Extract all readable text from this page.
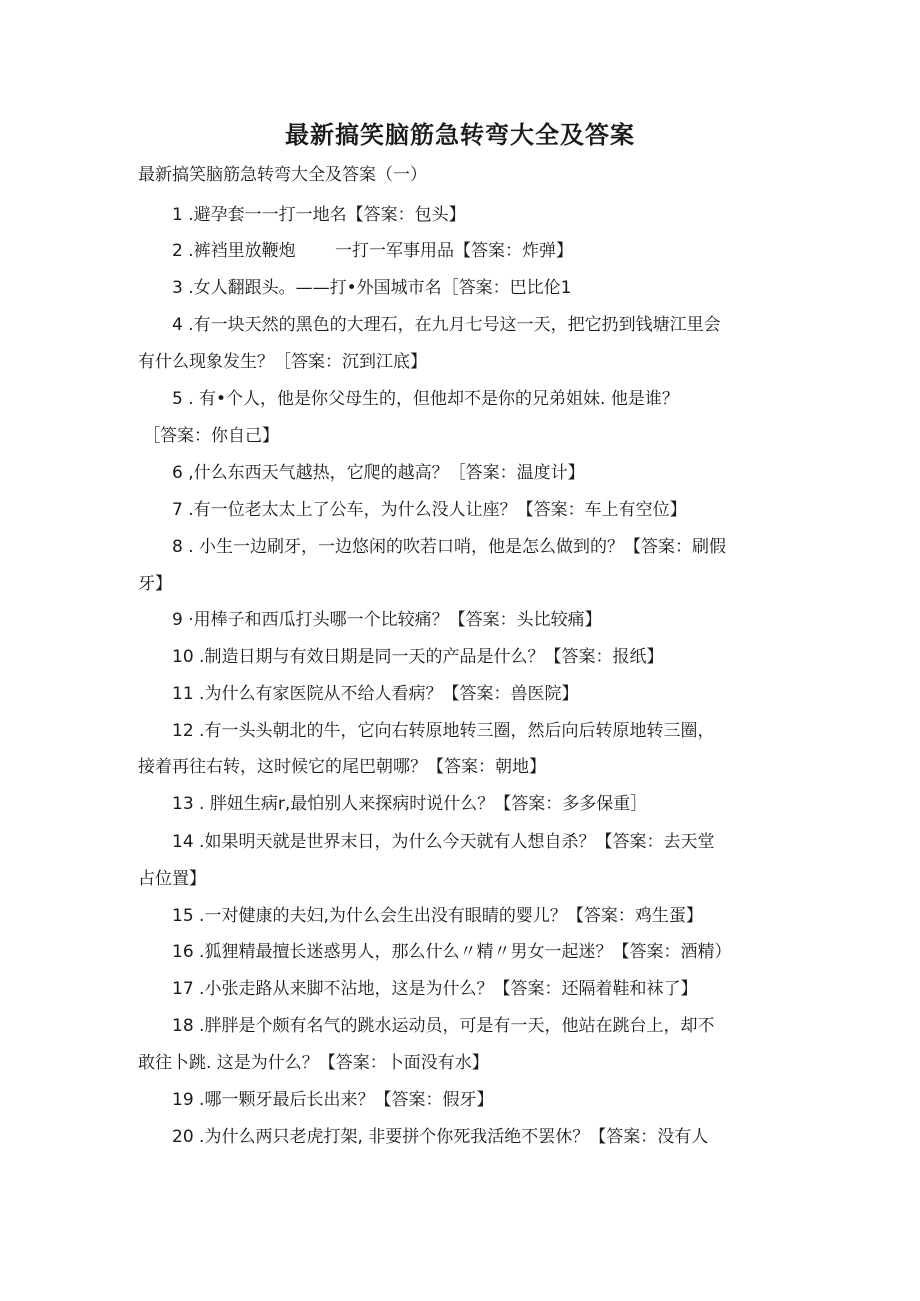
最新搞笑脑筋急转弯大全及答案
最新搞笑脑筋急转弯大全及答案（一）
1 .避孕套一一打一地名【答案：包头】
2 .裤裆里放鞭炮 　　一打一军事用品【答案：炸弹】
3 .女人翻跟头。——打•外国城市名［答案：巴比伦1
4 .有一块天然的黑色的大理石，在九月七号这一天，把它扔到钱塘江里会
有什么现象发生？［答案：沉到江底】
5 . 有•个人，他是你父母生的，但他却不是你的兄弟姐妹. 他是谁？
［答案：你自己】
6 ,什么东西天气越热，它爬的越高？［答案：温度计】
7 .有一位老太太上了公车，为什么没人让座？【答案：车上有空位】
8 . 小生一边刷牙，一边悠闲的吹若口哨，他是怎么做到的？【答案：刷假
牙】
9 ·用棒子和西瓜打头哪一个比较痛？【答案：头比较痛】
10 .制造日期与有效日期是同一天的产品是什么？【答案：报纸】
11 .为什么有家医院从不给人看病？【答案：兽医院】
12 .有一头头朝北的牛，它向右转原地转三圈，然后向后转原地转三圈，
接着再往右转，这时候它的尾巴朝哪？【答案：朝地】
13 . 胖妞生病r,最怕别人来探病时说什么？【答案：多多保重］
14 .如果明天就是世界末日，为什么今天就有人想自杀？【答案：去天堂
占位置】
15 .一对健康的夫妇,为什么会生出没有眼睛的婴儿？【答案：鸡生蛋】
16 .狐狸精最擅长迷惑男人，那么什么〃精〃男女一起迷？【答案：酒精）
17 .小张走路从来脚不沾地，这是为什么？【答案：还隔着鞋和袜了】
18 .胖胖是个颇有名气的跳水运动员，可是有一天，他站在跳台上，却不
敢往卜跳. 这是为什么？【答案：卜面没有水】
19 .哪一颗牙最后长出来？【答案：假牙】
20 .为什么两只老虎打架, 非要拼个你死我活绝不罢休？【答案：没有人
